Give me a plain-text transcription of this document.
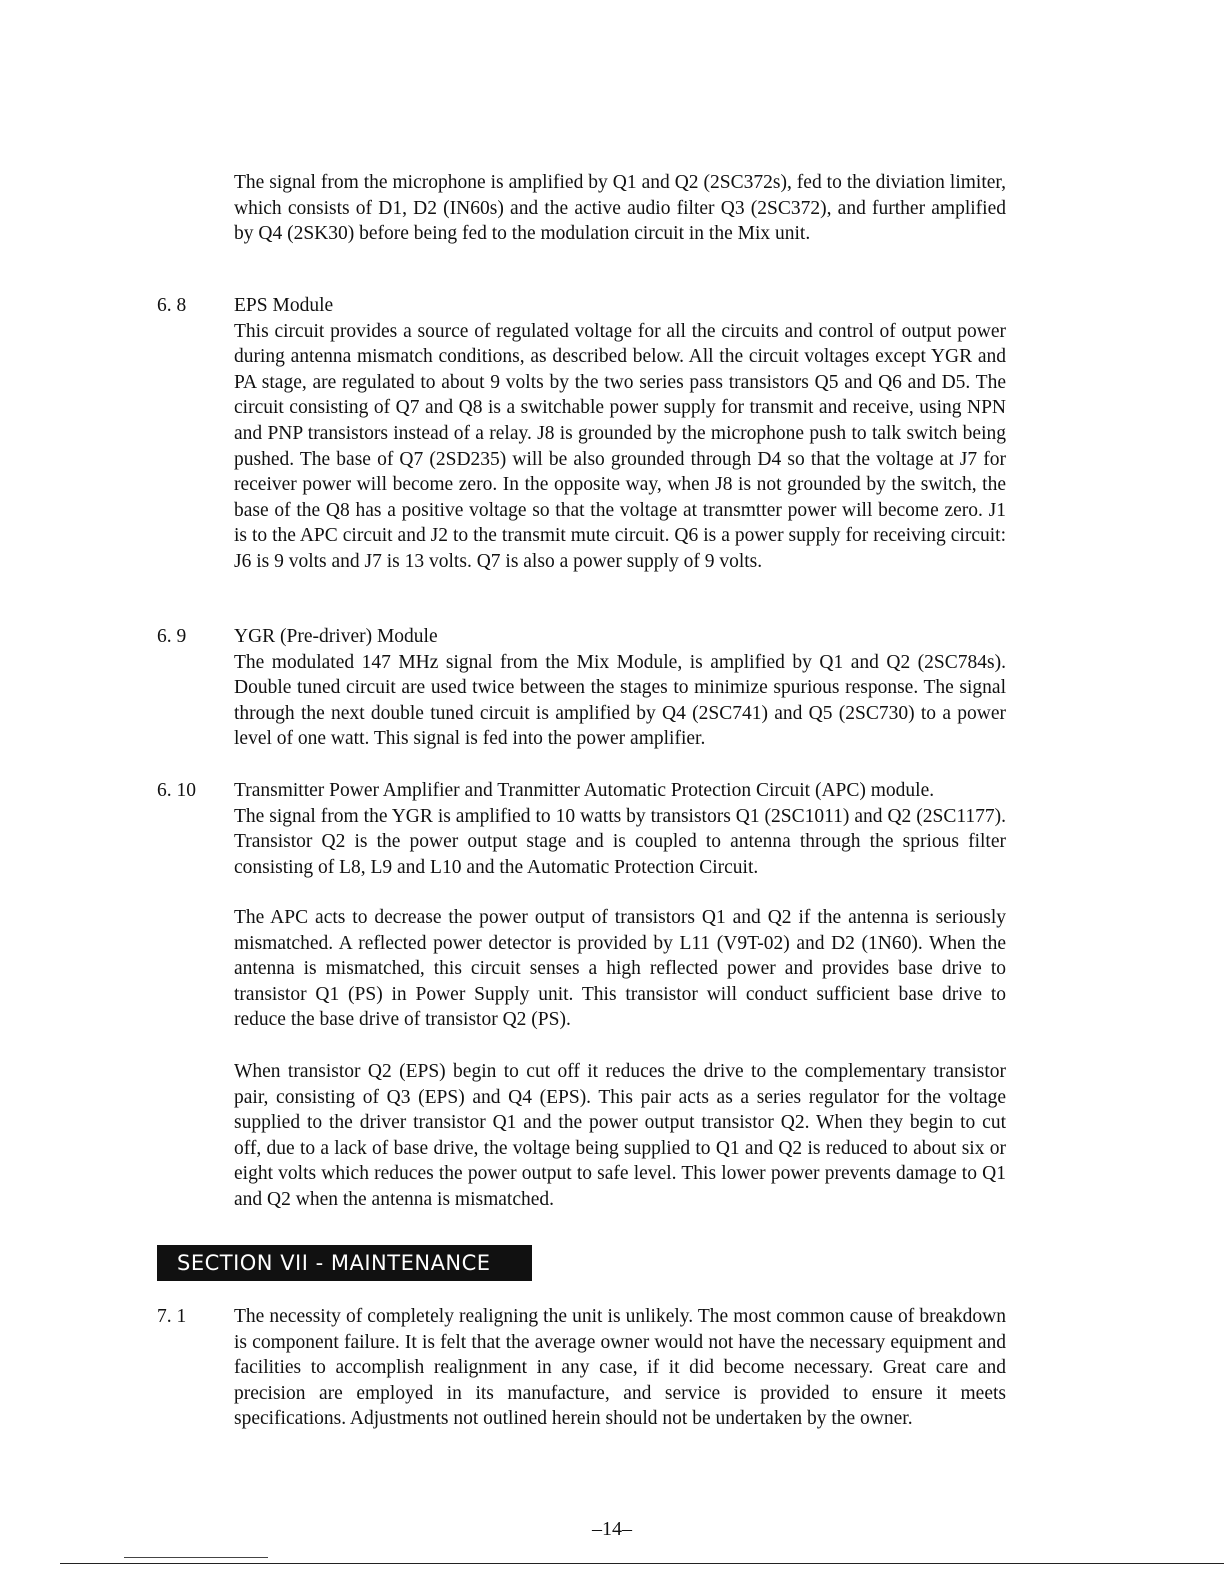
The signal from the microphone is amplified by Q1 and Q2 (2SC372s), fed to the diviation limiter, which consists of D1, D2 (IN60s) and the active audio filter Q3 (2SC372), and further amplified by Q4 (2SK30) before being fed to the modulation circuit in the Mix unit.

6. 8 EPS Module
This circuit provides a source of regulated voltage for all the circuits and control of output power during antenna mismatch conditions, as described below. All the circuit voltages except YGR and PA stage, are regulated to about 9 volts by the two series pass transistors Q5 and Q6 and D5. The circuit consisting of Q7 and Q8 is a switchable power supply for transmit and receive, using NPN and PNP transistors instead of a relay. J8 is grounded by the microphone push to talk switch being pushed. The base of Q7 (2SD235) will be also grounded through D4 so that the voltage at J7 for receiver power will become zero. In the opposite way, when J8 is not grounded by the switch, the base of the Q8 has a positive voltage so that the voltage at transmtter power will become zero. J1 is to the APC circuit and J2 to the transmit mute circuit. Q6 is a power supply for receiving circuit: J6 is 9 volts and J7 is 13 volts. Q7 is also a power supply of 9 volts.
6. 9 YGR (Pre-driver) Module
The modulated 147 MHz signal from the Mix Module, is amplified by Q1 and Q2 (2SC784s). Double tuned circuit are used twice between the stages to minimize spurious response. The signal through the next double tuned circuit is amplified by Q4 (2SC741) and Q5 (2SC730) to a power level of one watt. This signal is fed into the power amplifier.
6. 10 Transmitter Power Amplifier and Tranmitter Automatic Protection Circuit (APC) module.
The signal from the YGR is amplified to 10 watts by transistors Q1 (2SC1011) and Q2 (2SC1177). Transistor Q2 is the power output stage and is coupled to antenna through the sprious filter consisting of L8, L9 and L10 and the Automatic Protection Circuit.

The APC acts to decrease the power output of transistors Q1 and Q2 if the antenna is seriously mismatched. A reflected power detector is provided by L11 (V9T-02) and D2 (1N60). When the antenna is mismatched, this circuit senses a high reflected power and provides base drive to transistor Q1 (PS) in Power Supply unit. This transistor will conduct sufficient base drive to reduce the base drive of transistor Q2 (PS).

When transistor Q2 (EPS) begin to cut off it reduces the drive to the complementary transistor pair, consisting of Q3 (EPS) and Q4 (EPS). This pair acts as a series regulator for the voltage supplied to the driver transistor Q1 and the power output transistor Q2. When they begin to cut off, due to a lack of base drive, the voltage being supplied to Q1 and Q2 is reduced to about six or eight volts which reduces the power output to safe level. This lower power prevents damage to Q1 and Q2 when the antenna is mismatched.

SECTION VII - MAINTENANCE
7. 1 The necessity of completely realigning the unit is unlikely. The most common cause of breakdown is component failure. It is felt that the average owner would not have the necessary equipment and facilities to accomplish realignment in any case, if it did become necessary. Great care and precision are employed in its manufacture, and service is provided to ensure it meets specifications. Adjustments not outlined herein should not be undertaken by the owner.

–14–
